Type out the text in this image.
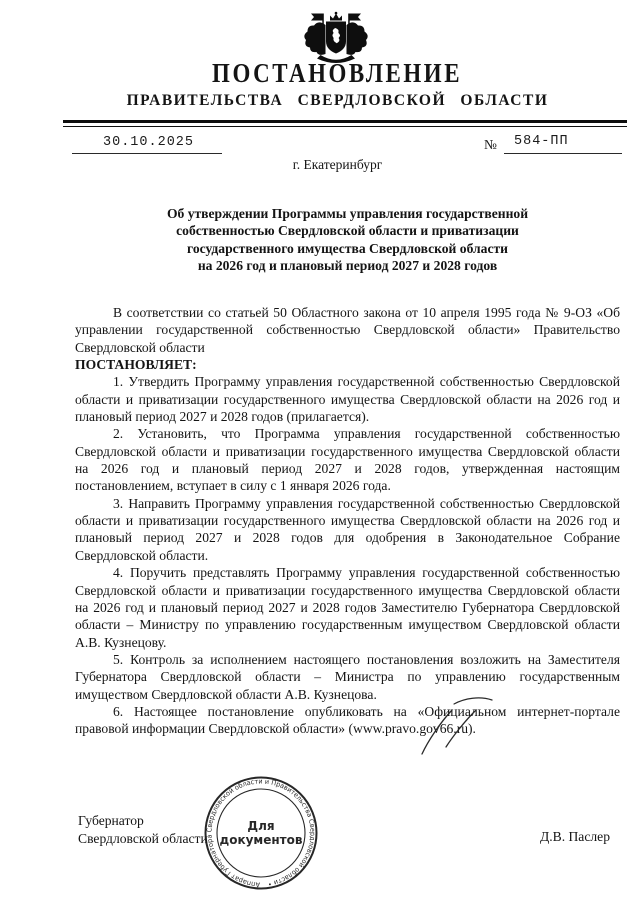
ПОСТАНОВЛЕНИЕ
ПРАВИТЕЛЬСТВА СВЕРДЛОВСКОЙ ОБЛАСТИ
30.10.2025	№ 584-ПП
г. Екатеринбург
Об утверждении Программы управления государственной
собственностью Свердловской области и приватизации
государственного имущества Свердловской области
на 2026 год и плановый период 2027 и 2028 годов

В соответствии со статьей 50 Областного закона от 10 апреля 1995 года № 9-ОЗ «Об управлении государственной собственностью Свердловской области» Правительство Свердловской области

ПОСТАНОВЛЯЕТ:

1. Утвердить Программу управления государственной собственностью Свердловской области и приватизации государственного имущества Свердловской области на 2026 год и плановый период 2027 и 2028 годов (прилагается).

2. Установить, что Программа управления государственной собственностью Свердловской области и приватизации государственного имущества Свердловской области на 2026 год и плановый период 2027 и 2028 годов, утвержденная настоящим постановлением, вступает в силу с 1 января 2026 года.

3. Направить Программу управления государственной собственностью Свердловской области и приватизации государственного имущества Свердловской области на 2026 год и плановый период 2027 и 2028 годов для одобрения в Законодательное Собрание Свердловской области.

4. Поручить представлять Программу управления государственной собственностью Свердловской области и приватизации государственного имущества Свердловской области на 2026 год и плановый период 2027 и 2028 годов Заместителю Губернатора Свердловской области – Министру по управлению государственным имуществом Свердловской области А.В. Кузнецову.

5. Контроль за исполнением настоящего постановления возложить на Заместителя Губернатора Свердловской области – Министра по управлению государственным имуществом Свердловской области А.В. Кузнецова.

6. Настоящее постановление опубликовать на «Официальном интернет-портале правовой информации Свердловской области» (www.pravo.gov66.ru).

Губернатор
Свердловской области	Д.В. Паслер
Аппарат Губернатора Свердловской области и Правительства Свердловской области •
Для
документов
